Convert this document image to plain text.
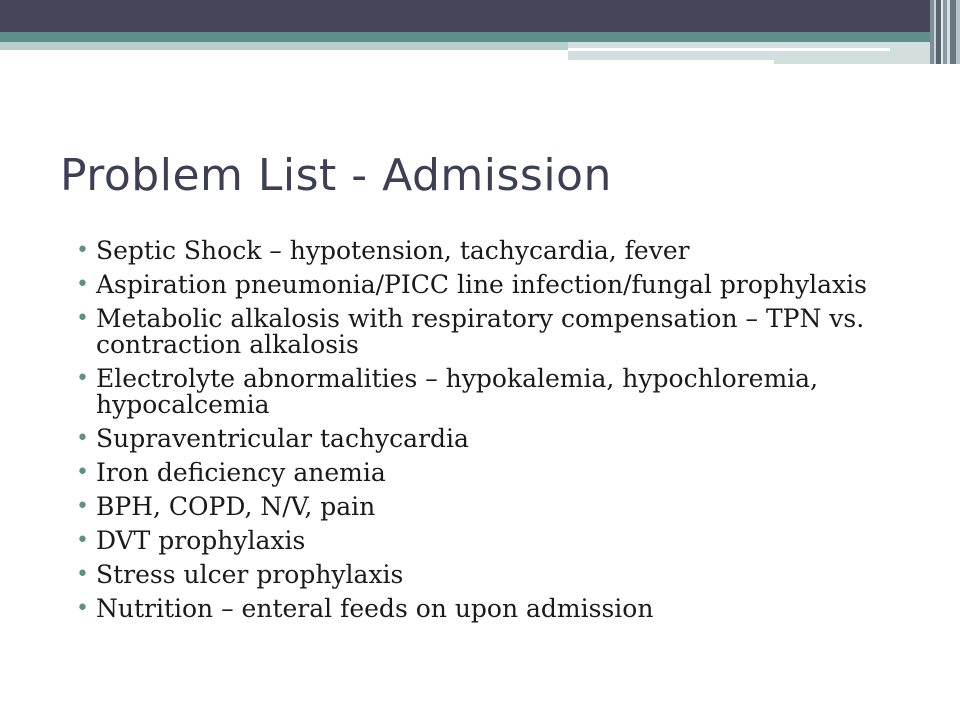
Problem List - Admission
• Septic Shock – hypotension, tachycardia, fever
• Aspiration pneumonia/PICC line infection/fungal prophylaxis
• Metabolic alkalosis with respiratory compensation – TPN vs. contraction alkalosis
• Electrolyte abnormalities – hypokalemia, hypochloremia, hypocalcemia
• Supraventricular tachycardia
• Iron deficiency anemia
• BPH, COPD, N/V, pain
• DVT prophylaxis
• Stress ulcer prophylaxis
• Nutrition – enteral feeds on upon admission
